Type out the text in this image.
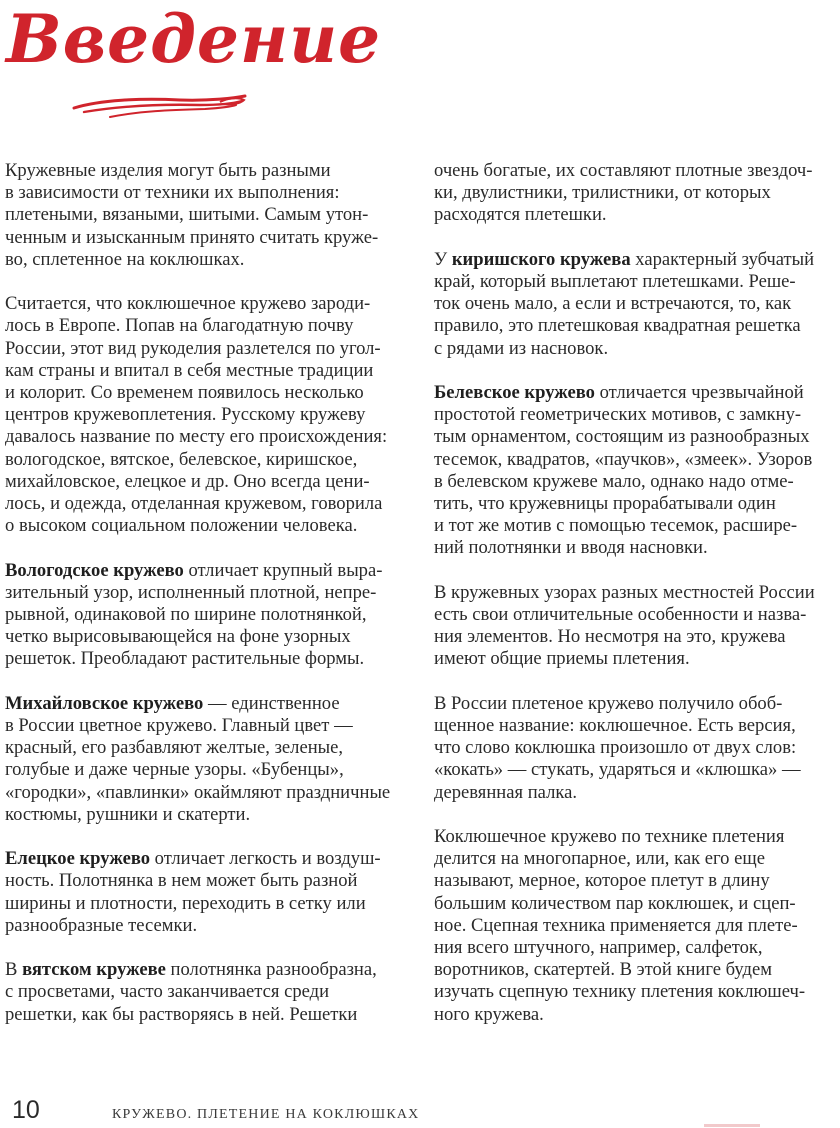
Введение
Кружевные изделия могут быть разными
в зависимости от техники их выполнения:
плетеными, вязаными, шитыми. Самым утон-
ченным и изысканным принято считать круже-
во, сплетенное на коклюшках.
Считается, что коклюшечное кружево зароди-
лось в Европе. Попав на благодатную почву
России, этот вид рукоделия разлетелся по угол-
кам страны и впитал в себя местные традиции
и колорит. Со временем появилось несколько
центров кружевоплетения. Русскому кружеву
давалось название по месту его происхождения:
вологодское, вятское, белевское, киришское,
михайловское, елецкое и др. Оно всегда цени-
лось, и одежда, отделанная кружевом, говорила
о высоком социальном положении человека.
Вологодское кружево отличает крупный выра-
зительный узор, исполненный плотной, непре-
рывной, одинаковой по ширине полотнянкой,
четко вырисовывающейся на фоне узорных
решеток. Преобладают растительные формы.
Михайловское кружево — единственное
в России цветное кружево. Главный цвет —
красный, его разбавляют желтые, зеленые,
голубые и даже черные узоры. «Бубенцы»,
«городки», «павлинки» окаймляют праздничные
костюмы, рушники и скатерти.
Елецкое кружево отличает легкость и воздуш-
ность. Полотнянка в нем может быть разной
ширины и плотности, переходить в сетку или
разнообразные тесемки.
В вятском кружеве полотнянка разнообразна,
с просветами, часто заканчивается среди
решетки, как бы растворяясь в ней. Решетки
очень богатые, их составляют плотные звездоч-
ки, двулистники, трилистники, от которых
расходятся плетешки.
У киришского кружева характерный зубчатый
край, который выплетают плетешками. Реше-
ток очень мало, а если и встречаются, то, как
правило, это плетешковая квадратная решетка
с рядами из насновок.
Белевское кружево отличается чрезвычайной
простотой геометрических мотивов, с замкну-
тым орнаментом, состоящим из разнообразных
тесемок, квадратов, «паучков», «змеек». Узоров
в белевском кружеве мало, однако надо отме-
тить, что кружевницы прорабатывали один
и тот же мотив с помощью тесемок, расшире-
ний полотнянки и вводя насновки.
В кружевных узорах разных местностей России
есть свои отличительные особенности и назва-
ния элементов. Но несмотря на это, кружева
имеют общие приемы плетения.
В России плетеное кружево получило обоб-
щенное название: коклюшечное. Есть версия,
что слово коклюшка произошло от двух слов:
«кокать» — стукать, ударяться и «клюшка» —
деревянная палка.
Коклюшечное кружево по технике плетения
делится на многопарное, или, как его еще
называют, мерное, которое плетут в длину
большим количеством пар коклюшек, и сцеп-
ное. Сцепная техника применяется для плете-
ния всего штучного, например, салфеток,
воротников, скатертей. В этой книге будем
изучать сцепную технику плетения коклюшеч-
ного кружева.
10	КРУЖЕВО. ПЛЕТЕНИЕ НА КОКЛЮШКАХ
